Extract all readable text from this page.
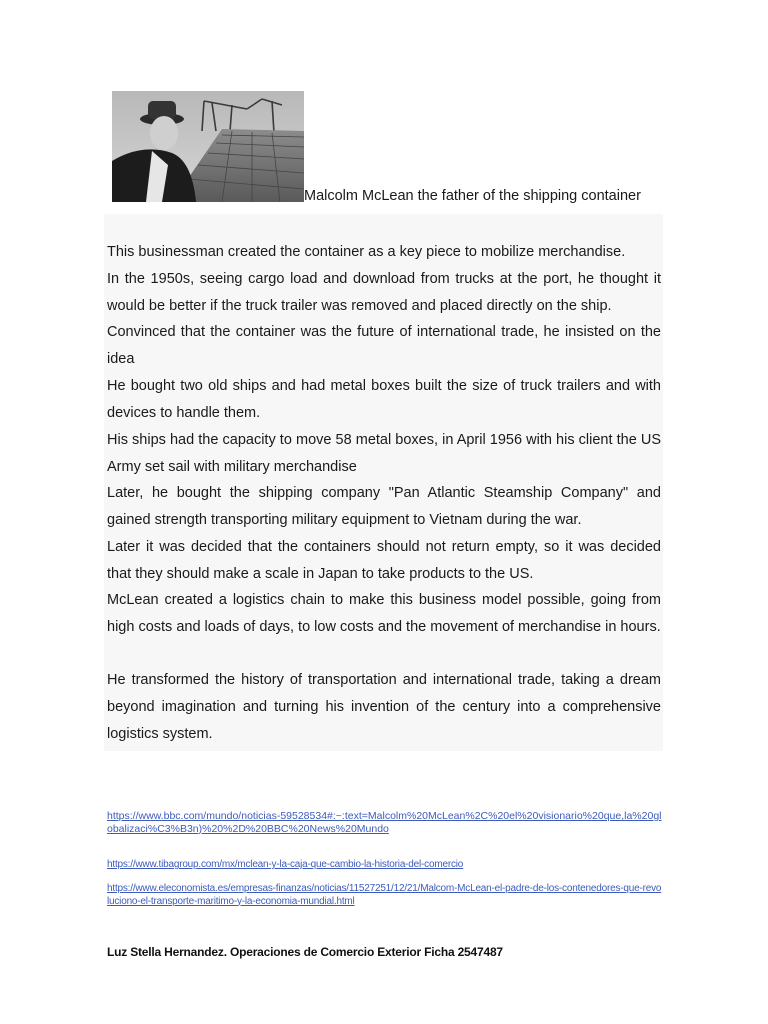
Malcolm McLean the father of the shipping container

This businessman created the container as a key piece to mobilize merchandise.

In the 1950s, seeing cargo load and download from trucks at the port, he thought it would be better if the truck trailer was removed and placed directly on the ship.

Convinced that the container was the future of international trade, he insisted on the idea

He bought two old ships and had metal boxes built the size of truck trailers and with devices to handle them.

His ships had the capacity to move 58 metal boxes, in April 1956 with his client the US Army set sail with military merchandise

Later, he bought the shipping company "Pan Atlantic Steamship Company" and gained strength transporting military equipment to Vietnam during the war.

Later it was decided that the containers should not return empty, so it was decided that they should make a scale in Japan to take products to the US.

McLean created a logistics chain to make this business model possible, going from high costs and loads of days, to low costs and the movement of merchandise in hours.

He transformed the history of transportation and international trade, taking a dream beyond imagination and turning his invention of the century into a comprehensive logistics system.

https://www.bbc.com/mundo/noticias-59528534#:~:text=Malcolm%20McLean%2C%20el%20visionario%20que,la%20globalizaci%C3%B3n)%20%2D%20BBC%20News%20Mundo
https://www.tibagroup.com/mx/mclean-y-la-caja-que-cambio-la-historia-del-comercio
https://www.eleconomista.es/empresas-finanzas/noticias/11527251/12/21/Malcom-McLean-el-padre-de-los-contenedores-que-revoluciono-el-transporte-maritimo-y-la-economia-mundial.html
Luz Stella Hernandez. Operaciones de Comercio Exterior Ficha 2547487
